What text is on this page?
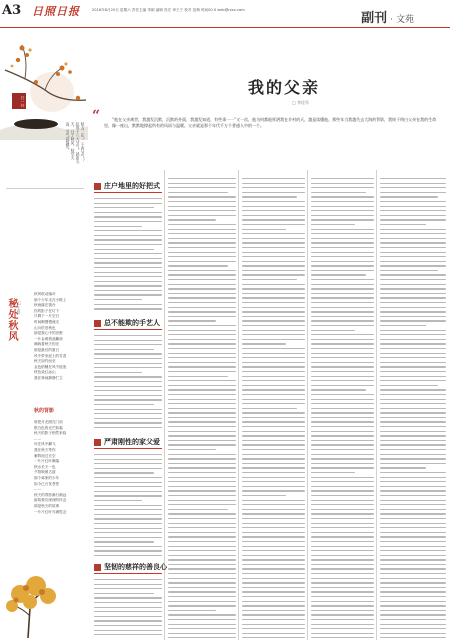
A3 日照日报	2016年8月20日 星期六 责任主编 李颖 编辑 昌宏 审王宁 校对 范梅 时间00 0 web@rzxx.com
副刊 · 文苑
扫一扫
秋去，在“二十四节气”，抗战十八大节气。就如今天，日子秋风，秋空天高，节气寂静然。
秘处秋风 □ 王鸥

秋风吹动落叶

那个少年走在小路上

秋雨落在窗台

你的影子在灯下

只剩下一片空白

时间啊慢慢流走

山川依旧秋色

那是我心中的田野

一片金黄稻浪翻滚

满载着秋天的光

那是最后的夏日

风中带来泥土的芳香

秋天如约而至

金色稻穗在风中摇曳

秋色染红远山

我在林间静静伫立

秋的背影

谁把月光照在门前

银白色的光芒如霜

秋天的影子悄然来临

……

叶在风中翻飞

我在秋天等你

雁阵掠过长空

一片片红叶飘落

秋水长天一色

夕阳映照古道

那个离家的少年

如今已白发苍苍

……

秋天的背影渐行渐远

留给我们深深的怀念

那是秋天的故事

一片片红叶写满思念

我的父亲
□ 李佳军
“	“他在父亲离世，我越发沉默，沉默的外面，我越发知道，有些事一一”又一次，他为何都能挥洒我在乡村的天，越是读懂他。那些年当我越失去大海的背影，我终于明白父亲在我的生命里，像一座山，默默地撑起所有的风雨与温暖。父亲就是那个年代千万个普通人中的一个。
庄户地里的好把式
总不能欺的手艺人
严肃刚性的家父爱
坚韧的慈祥的善良心
